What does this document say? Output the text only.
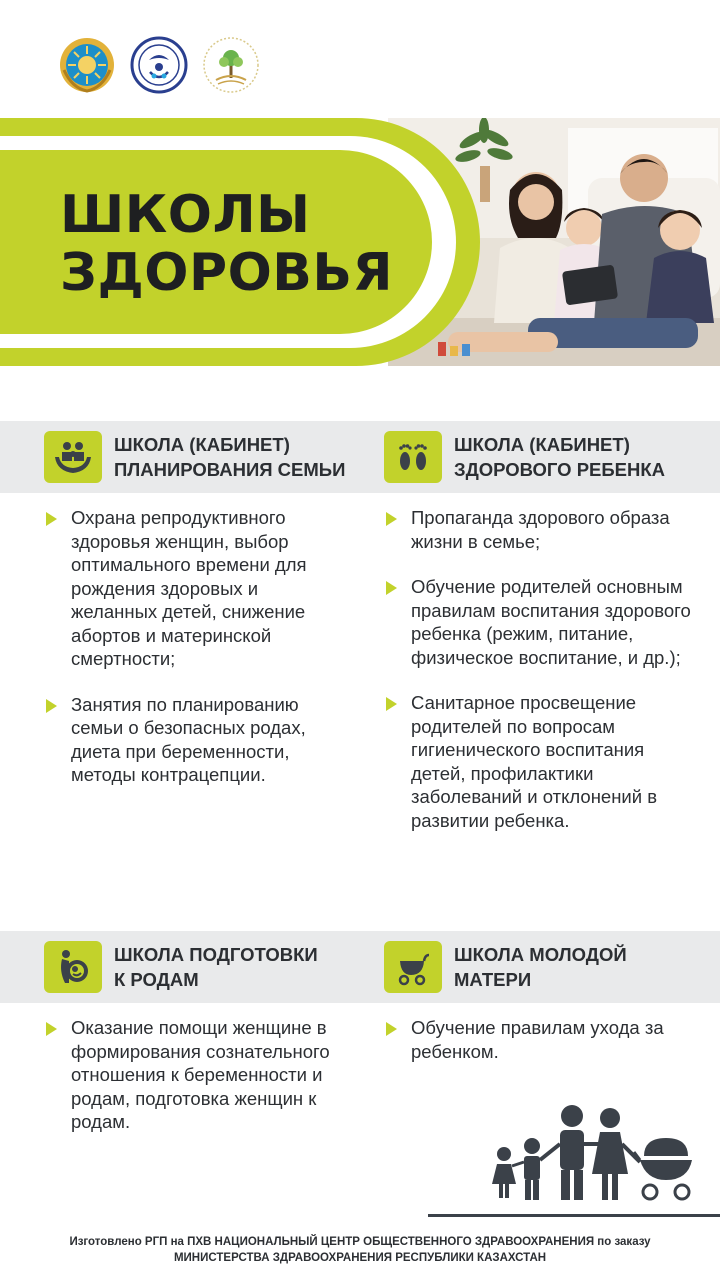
ШКОЛЫ
ЗДОРОВЬЯ
ШКОЛА (КАБИНЕТ)
ПЛАНИРОВАНИЯ СЕМЬИ
Охрана репродуктивного здоровья женщин, выбор оптимального времени для рождения здоровых и желанных детей, снижение абортов и материнской смертности;
Занятия по планированию семьи о безопасных родах, диета при беременности, методы контрацепции.
ШКОЛА (КАБИНЕТ)
ЗДОРОВОГО РЕБЕНКА
Пропаганда здорового образа жизни в семье;
Обучение родителей основным правилам воспитания здорового ребенка (режим, питание, физическое воспитание, и др.);
Санитарное просвещение родителей по вопросам гигиенического воспитания детей, профилактики заболеваний и отклонений в развитии ребенка.
ШКОЛА ПОДГОТОВКИ
К РОДАМ
Оказание помощи женщине в формирования сознательного отношения к беременности и родам, подготовка женщин к родам.
ШКОЛА МОЛОДОЙ
МАТЕРИ
Обучение правилам ухода за ребенком.
Изготовлено РГП на ПХВ НАЦИОНАЛЬНЫЙ ЦЕНТР ОБЩЕСТВЕННОГО ЗДРАВООХРАНЕНИЯ по заказу
МИНИСТЕРСТВА ЗДРАВООХРАНЕНИЯ РЕСПУБЛИКИ КАЗАХСТАН
